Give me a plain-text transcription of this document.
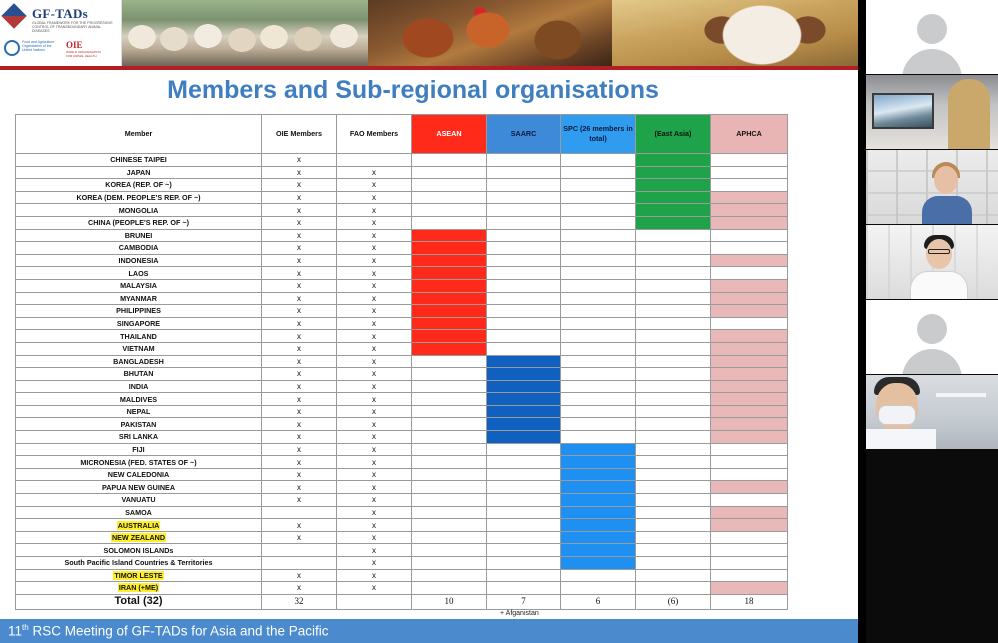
GF-TADs
GLOBAL FRAMEWORK FOR THE PROGRESSIVE CONTROL OF TRANSBOUNDARY ANIMAL DISEASES
Food and Agriculture Organization of the United Nations	OIE
WORLD ORGANISATION FOR ANIMAL HEALTH
Members and Sub-regional organisations
Member	OIE Members	FAO Members	ASEAN	SAARC	SPC (26 members in total)	(East Asia)	APHCA
CHINESE TAIPEI	x						
JAPAN	x	x					
KOREA (REP. OF ~)	x	x					
KOREA (DEM. PEOPLE'S REP. OF ~)	x	x					
MONGOLIA	x	x					
CHINA (PEOPLE'S REP. OF ~)	x	x					
BRUNEI	x	x					
CAMBODIA	x	x					
INDONESIA	x	x					
LAOS	x	x					
MALAYSIA	x	x					
MYANMAR	x	x					
PHILIPPINES	x	x					
SINGAPORE	x	x					
THAILAND	x	x					
VIETNAM	x	x					
BANGLADESH	x	x					
BHUTAN	x	x					
INDIA	x	x					
MALDIVES	x	x					
NEPAL	x	x					
PAKISTAN	x	x					
SRI LANKA	x	x					
FIJI	x	x					
MICRONESIA (FED. STATES OF ~)	x	x					
NEW CALEDONIA	x	x					
PAPUA NEW GUINEA	x	x					
VANUATU	x	x					
SAMOA		x					
AUSTRALIA	x	x					
NEW ZEALAND	x	x					
SOLOMON ISLANDs		x					
South Pacific Island Countries & Territories		x					
TIMOR LESTE	x	x					
IRAN (+ME)	x	x					
Total (32)	32		10	7	6	(6)	18
+ Afganistan
11th RSC Meeting of GF-TADs for Asia and the Pacific
